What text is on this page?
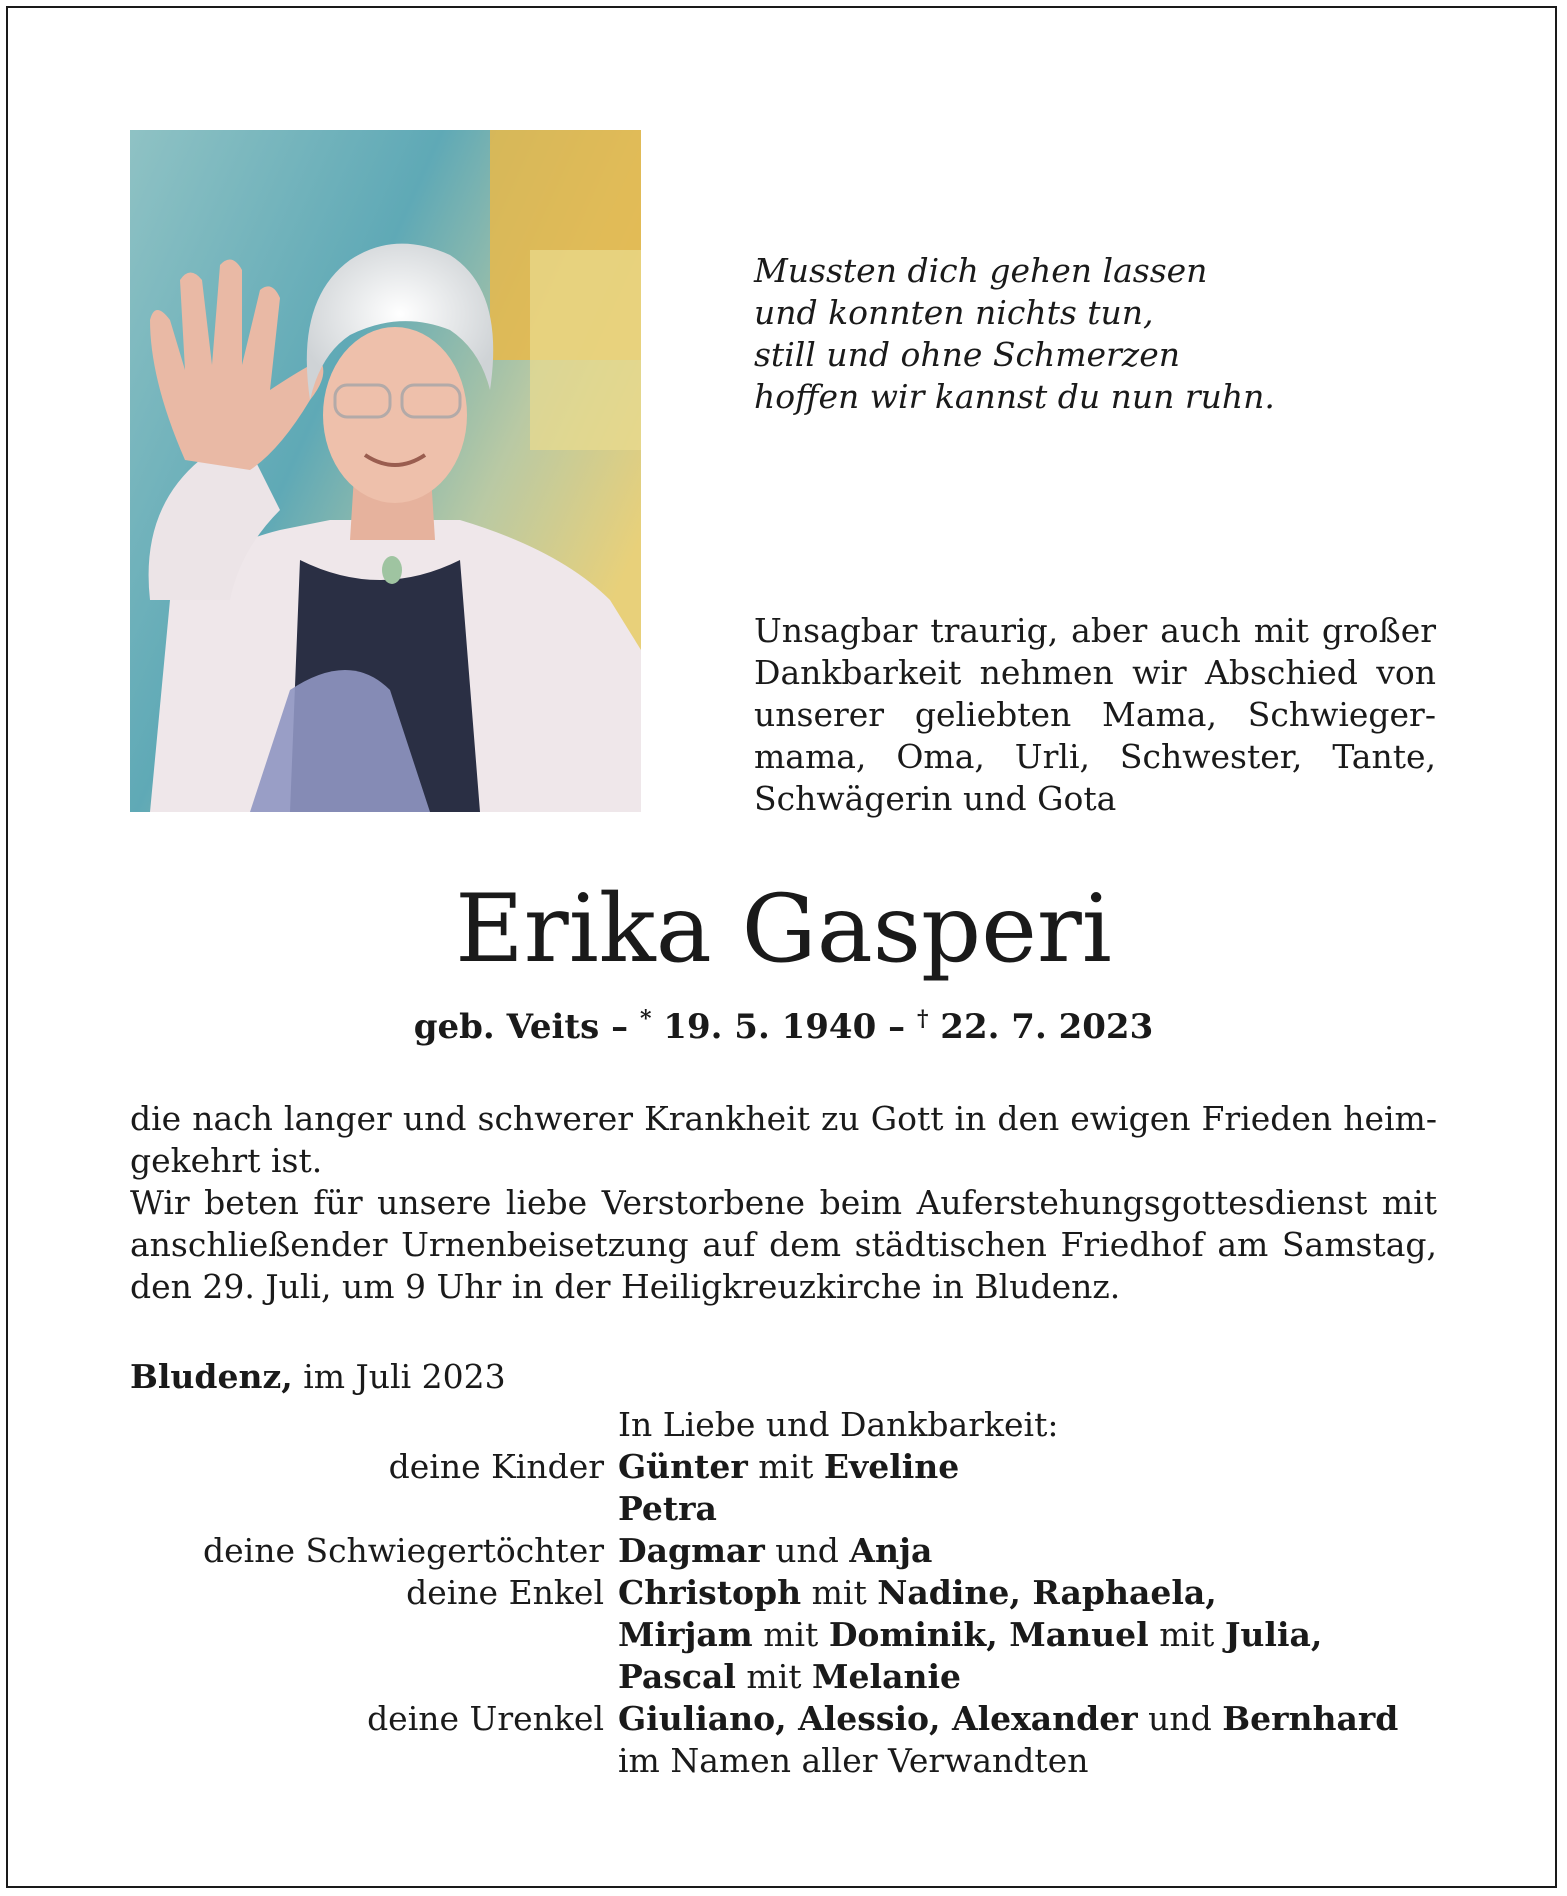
Mussten dich gehen lassen
und konnten nichts tun,
still und ohne Schmerzen
hoffen wir kannst du nun ruhn.
Unsagbar traurig, aber auch mit großer Dankbarkeit nehmen wir Abschied von unserer geliebten Mama, Schwiegermama, Oma, Urli, Schwester, Tante, Schwägerin und Gota
Erika Gasperi
geb. Veits – * 19. 5. 1940 – † 22. 7. 2023

die nach langer und schwerer Krankheit zu Gott in den ewigen Frieden heimgekehrt ist.

Wir beten für unsere liebe Verstorbene beim Auferstehungsgottesdienst mit anschließender Urnenbeisetzung auf dem städtischen Friedhof am Samstag, den 29. Juli, um 9 Uhr in der Heiligkreuzkirche in Bludenz.

Bludenz, im Juli 2023
In Liebe und Dankbarkeit:
deine Kinder Günter mit Eveline
Petra
deine Schwiegertöchter Dagmar und Anja
deine Enkel Christoph mit Nadine, Raphaela,
Mirjam mit Dominik, Manuel mit Julia,
Pascal mit Melanie
deine Urenkel Giuliano, Alessio, Alexander und Bernhard
im Namen aller Verwandten
